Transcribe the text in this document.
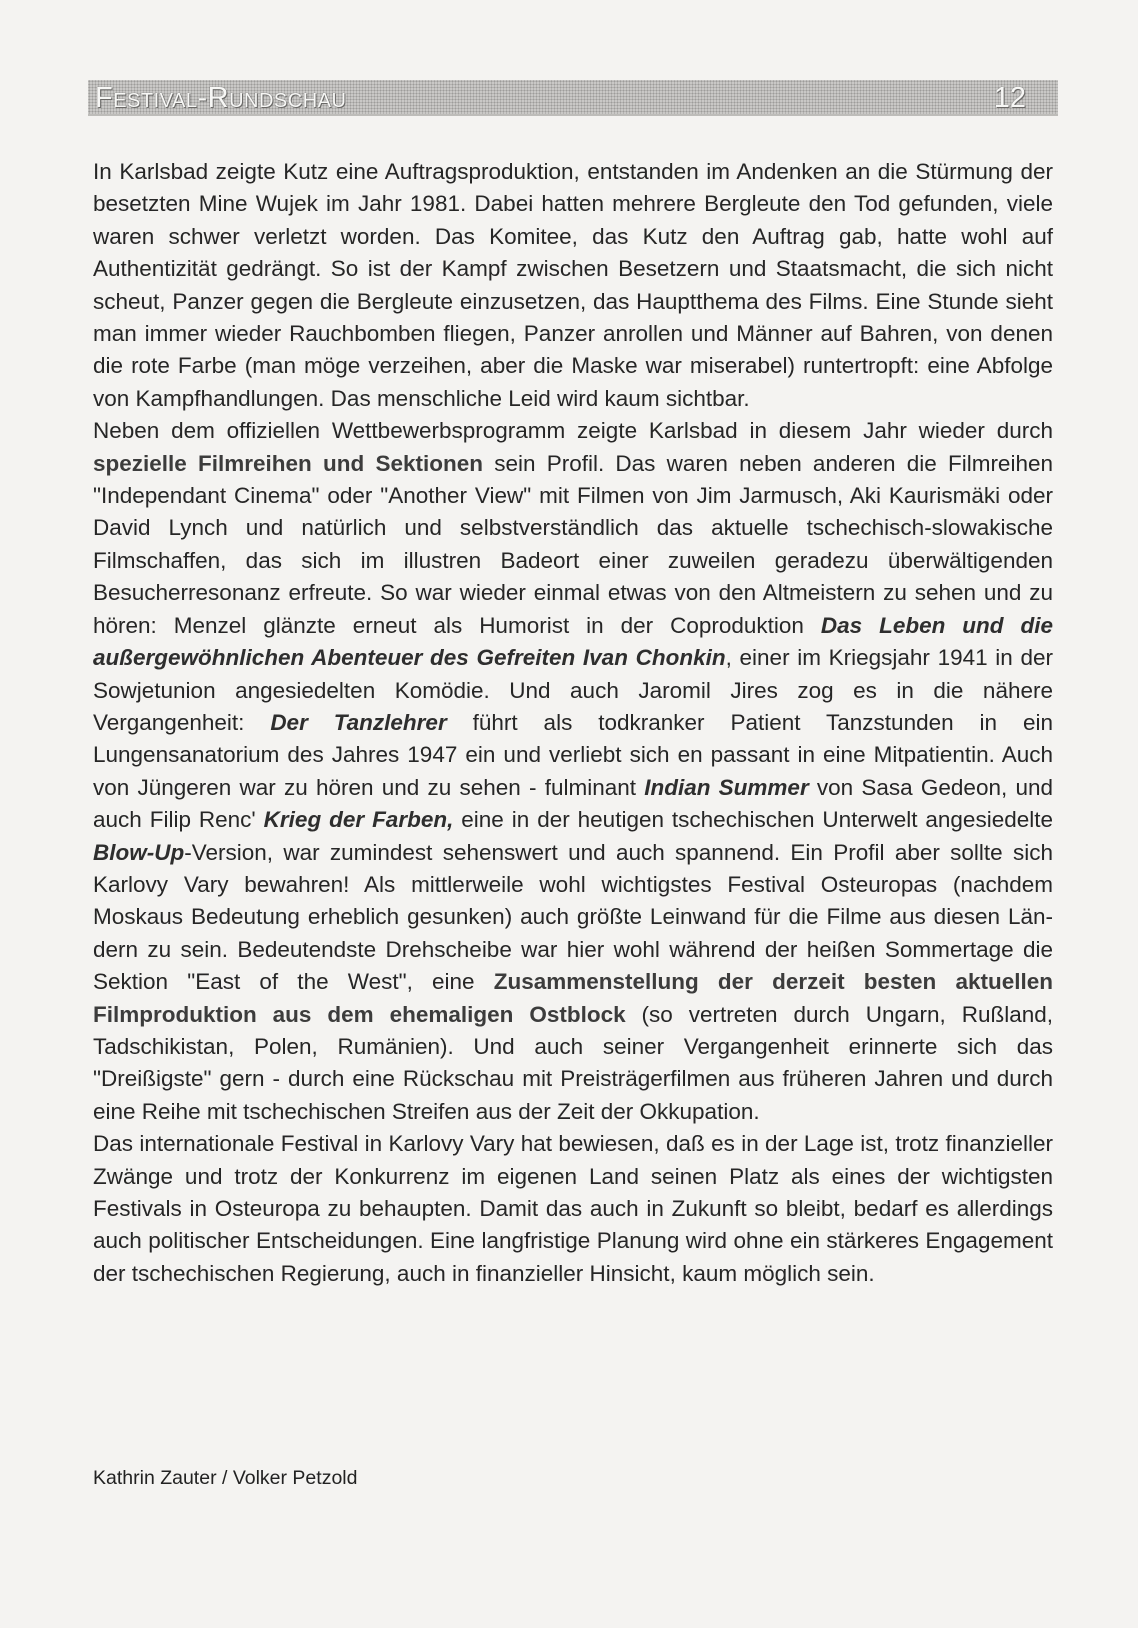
Festival-Rundschau	12

In Karlsbad zeigte Kutz eine Auftragsproduktion, entstanden im Andenken an die Stürmung der besetzten Mine Wujek im Jahr 1981. Dabei hatten mehrere Bergleute den Tod gefunden, viele waren schwer verletzt worden. Das Komitee, das Kutz den Auftrag gab, hatte wohl auf Authentizität gedrängt. So ist der Kampf zwischen Besetzern und Staatsmacht, die sich nicht scheut, Panzer gegen die Bergleute einzusetzen, das Hauptthema des Films. Eine Stunde sieht man immer wieder Rauchbomben fliegen, Panzer anrollen und Männer auf Bahren, von denen die rote Farbe (man möge verzeihen, aber die Maske war miserabel) runtertropft: eine Abfolge von Kampfhandlungen. Das menschliche Leid wird kaum sichtbar.

Neben dem offiziellen Wettbewerbsprogramm zeigte Karlsbad in diesem Jahr wieder durch spezielle Filmreihen und Sektionen sein Profil. Das waren neben anderen die Filmreihen "Independant Cinema" oder "Another View" mit Filmen von Jim Jarmusch, Aki Kaurismäki oder David Lynch und natürlich und selbstverständlich das aktuelle tschechisch-slowakische Filmschaffen, das sich im illustren Badeort einer zuweilen geradezu überwältigenden Besucherresonanz erfreute. So war wieder einmal etwas von den Altmeistern zu sehen und zu hören: Menzel glänzte erneut als Humorist in der Coproduktion Das Leben und die außergewöhnlichen Abenteuer des Gefreiten Ivan Chonkin, einer im Kriegsjahr 1941 in der Sowjetunion angesiedelten Komödie. Und auch Jaromil Jires zog es in die nähere Vergangenheit: Der Tanzlehrer führt als todkranker Patient Tanzstunden in ein Lungensanatorium des Jahres 1947 ein und verliebt sich en passant in eine Mitpatientin. Auch von Jüngeren war zu hören und zu sehen - fulminant Indian Summer von Sasa Gedeon, und auch Filip Renc' Krieg der Farben, eine in der heutigen tschechischen Unterwelt angesiedelte Blow-Up-Version, war zumindest sehenswert und auch spannend. Ein Profil aber sollte sich Karlovy Vary bewahren! Als mittlerweile wohl wichtigstes Festival Osteuropas (nachdem Moskaus Bedeutung erheblich gesunken) auch größte Leinwand für die Filme aus diesen Ländern zu sein. Bedeutendste Drehscheibe war hier wohl während der heißen Sommertage die Sektion "East of the West", eine Zusammenstellung der derzeit besten aktuellen Filmproduktion aus dem ehemaligen Ostblock (so vertreten durch Ungarn, Rußland, Tadschikistan, Polen, Rumänien). Und auch seiner Vergangenheit erinnerte sich das "Dreißigste" gern - durch eine Rückschau mit Preisträgerfilmen aus früheren Jahren und durch eine Reihe mit tschechischen Streifen aus der Zeit der Okkupation.

Das internationale Festival in Karlovy Vary hat bewiesen, daß es in der Lage ist, trotz finanzieller Zwänge und trotz der Konkurrenz im eigenen Land seinen Platz als eines der wichtigsten Festivals in Osteuropa zu behaupten. Damit das auch in Zukunft so bleibt, bedarf es allerdings auch politischer Entscheidungen. Eine langfristige Planung wird ohne ein stärkeres Engagement der tschechischen Regierung, auch in finanzieller Hinsicht, kaum möglich sein.

Kathrin Zauter / Volker Petzold
